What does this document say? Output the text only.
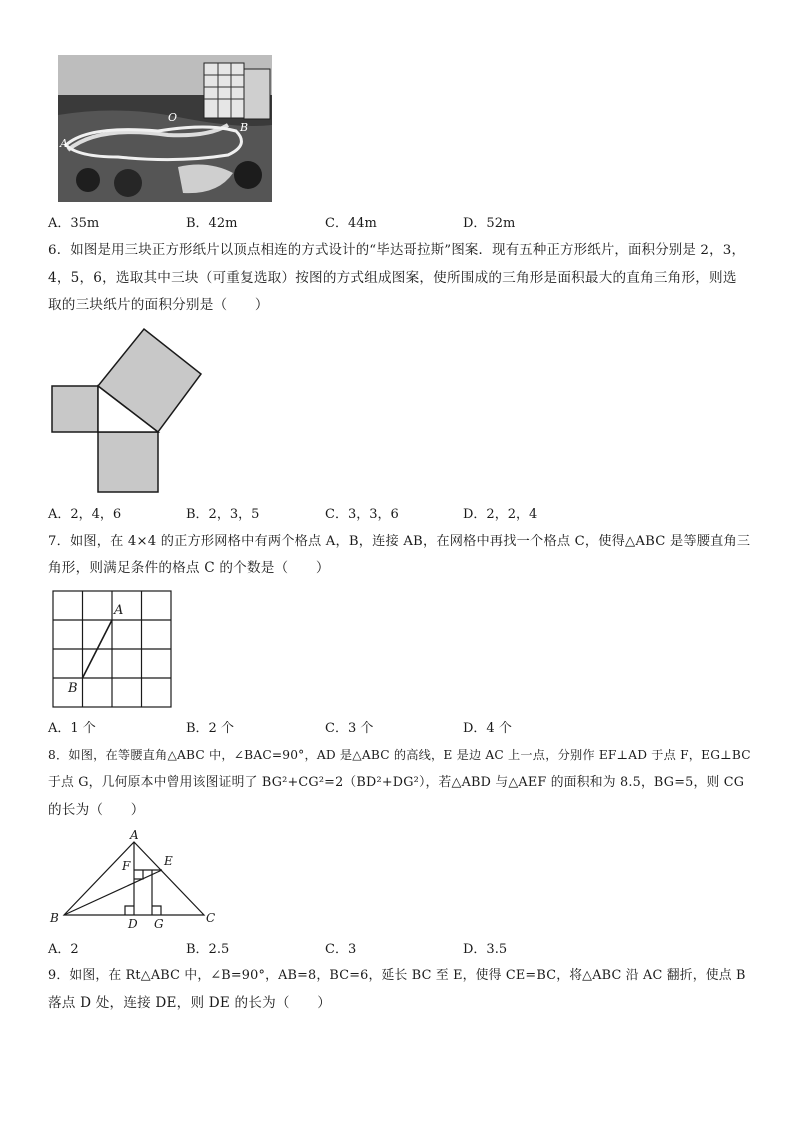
A
B
O
A．35m	B．42m	C．44m	D．52m
6．如图是用三块正方形纸片以顶点相连的方式设计的“毕达哥拉斯”图案．现有五种正方形纸片，面积分别是 2，3，
4，5，6，选取其中三块（可重复选取）按图的方式组成图案，使所围成的三角形是面积最大的直角三角形，则选
取的三块纸片的面积分别是（　　）
A．2，4，6	B．2，3，5	C．3，3，6	D．2，2，4
7．如图，在 4×4 的正方形网格中有两个格点 A，B，连接 AB，在网格中再找一个格点 C，使得△ABC 是等腰直角三
角形，则满足条件的格点 C 的个数是（　　）
A
B
A．1 个	B．2 个	C．3 个	D．4 个
8．如图，在等腰直角△ABC 中，∠BAC=90°，AD 是△ABC 的高线，E 是边 AC 上一点，分别作 EF⊥AD 于点 F，EG⊥BC
于点 G，几何原本中曾用该图证明了 BG²+CG²=2（BD²+DG²），若△ABD 与△AEF 的面积和为 8.5，BG=5，则 CG
的长为（　　）
A
B	C
D
E
F
G
A．2	B．2.5	C．3	D．3.5
9．如图，在 Rt△ABC 中，∠B=90°，AB=8，BC=6，延长 BC 至 E，使得 CE=BC，将△ABC 沿 AC 翻折，使点 B
落点 D 处，连接 DE，则 DE 的长为（　　）
